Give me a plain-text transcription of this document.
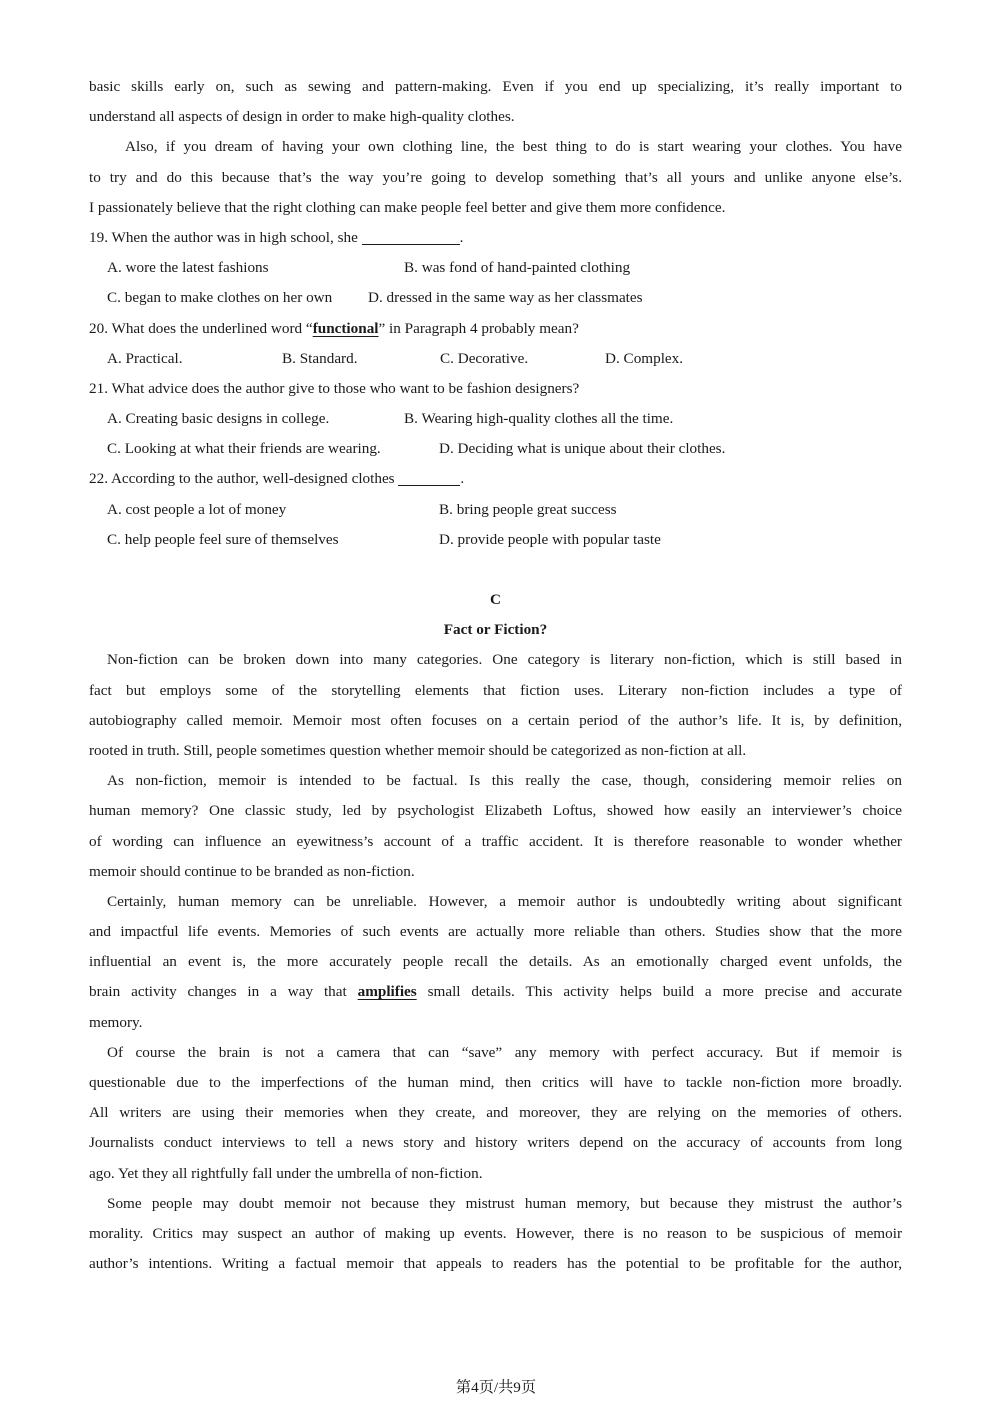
basic skills early on, such as sewing and pattern-making. Even if you end up specializing, it’s really important to
understand all aspects of design in order to make high-quality clothes.
Also, if you dream of having your own clothing line, the best thing to do is start wearing your clothes. You have
to try and do this because that’s the way you’re going to develop something that’s all yours and unlike anyone else’s.
I passionately believe that the right clothing can make people feel better and give them more confidence.
19. When the author was in high school, she	.
A. wore the latest fashions	B. was fond of hand-painted clothing
C. began to make clothes on her own D. dressed in the same way as her classmates
20. What does the underlined word “functional” in Paragraph 4 probably mean?
A. Practical.	B. Standard.	C. Decorative.	D. Complex.
21. What advice does the author give to those who want to be fashion designers?
A. Creating basic designs in college.	B. Wearing high-quality clothes all the time.
C. Looking at what their friends are wearing.	D. Deciding what is unique about their clothes.
22. According to the author, well-designed clothes	.
A. cost people a lot of money	B. bring people great success
C. help people feel sure of themselves	D. provide people with popular taste
C
Fact or Fiction?
Non-fiction can be broken down into many categories. One category is literary non-fiction, which is still based in
fact but employs some of the storytelling elements that fiction uses. Literary non-fiction includes a type of
autobiography called memoir. Memoir most often focuses on a certain period of the author’s life. It is, by definition,
rooted in truth. Still, people sometimes question whether memoir should be categorized as non-fiction at all.
As non-fiction, memoir is intended to be factual. Is this really the case, though, considering memoir relies on
human memory? One classic study, led by psychologist Elizabeth Loftus, showed how easily an interviewer’s choice
of wording can influence an eyewitness’s account of a traffic accident. It is therefore reasonable to wonder whether
memoir should continue to be branded as non-fiction.
Certainly, human memory can be unreliable. However, a memoir author is undoubtedly writing about significant
and impactful life events. Memories of such events are actually more reliable than others. Studies show that the more
influential an event is, the more accurately people recall the details. As an emotionally charged event unfolds, the
brain activity changes in a way that amplifies small details. This activity helps build a more precise and accurate
memory.
Of course the brain is not a camera that can “save” any memory with perfect accuracy. But if memoir is
questionable due to the imperfections of the human mind, then critics will have to tackle non-fiction more broadly.
All writers are using their memories when they create, and moreover, they are relying on the memories of others.
Journalists conduct interviews to tell a news story and history writers depend on the accuracy of accounts from long
ago. Yet they all rightfully fall under the umbrella of non-fiction.
Some people may doubt memoir not because they mistrust human memory, but because they mistrust the author’s
morality. Critics may suspect an author of making up events. However, there is no reason to be suspicious of memoir
author’s intentions. Writing a factual memoir that appeals to readers has the potential to be profitable for the author,
第4页/共9页
